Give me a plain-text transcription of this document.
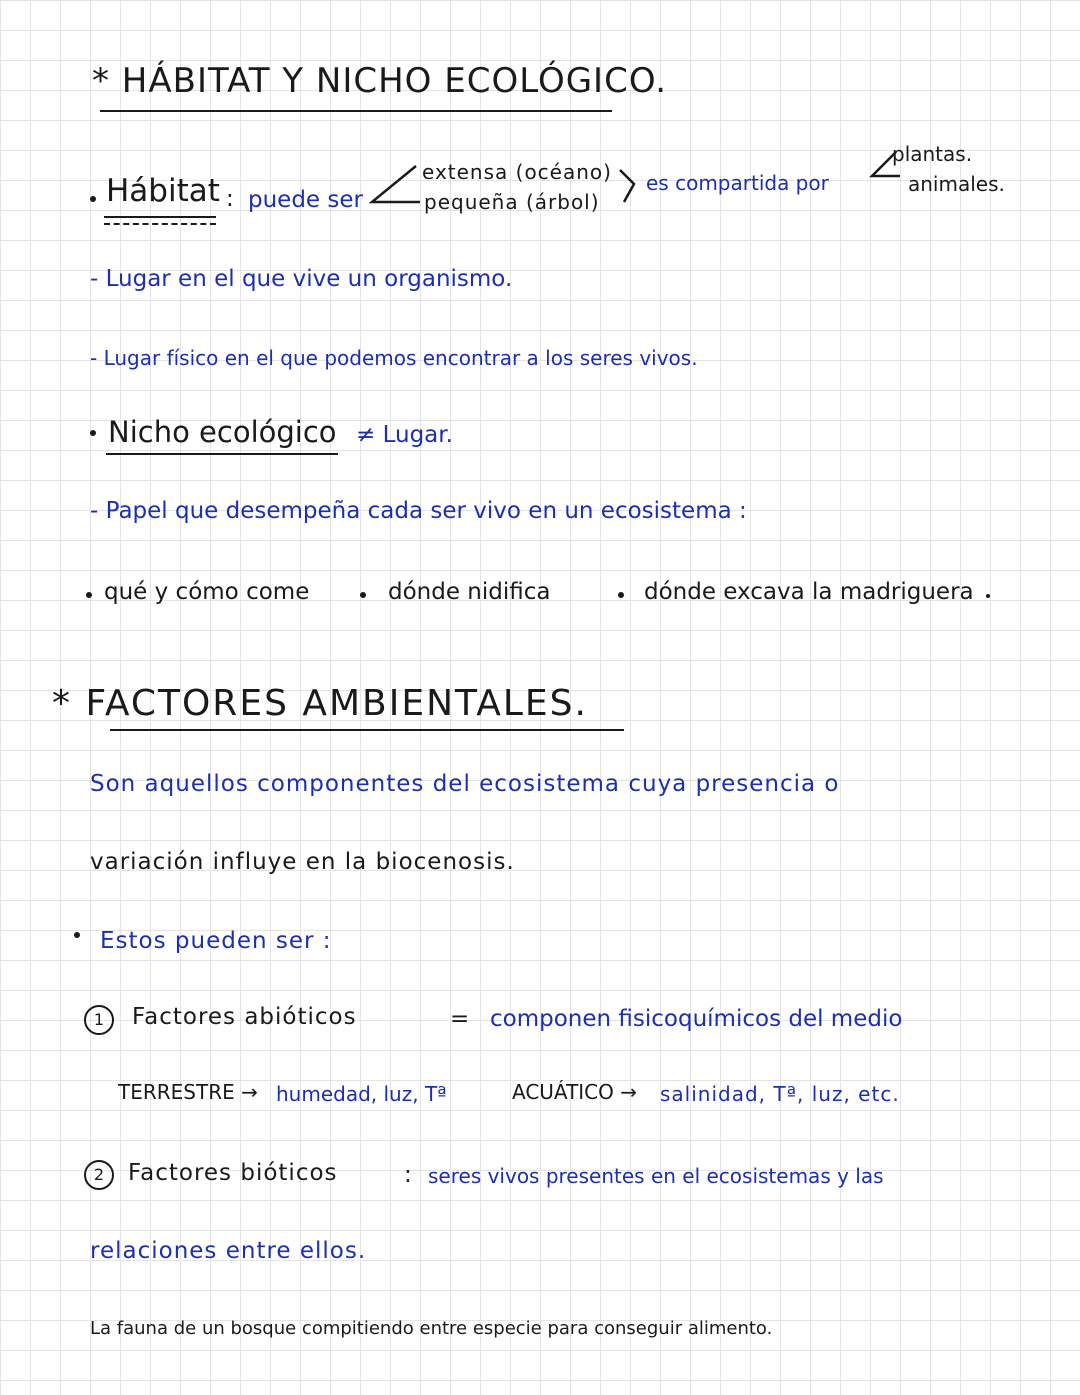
* HÁBITAT Y NICHO ECOLÓGICO.
Hábitat : puede ser
extensa (océano)
pequeña (árbol)
es compartida por
plantas.
animales.
- Lugar en el que vive un organismo.
- Lugar físico en el que podemos encontrar a los seres vivos.
Nicho ecológico ≠ Lugar.
- Papel que desempeña cada ser vivo en un ecosistema :
qué y cómo come	dónde nidifica	dónde excava la madriguera
* FACTORES AMBIENTALES.
Son aquellos componentes del ecosistema cuya presencia o
variación influye en la biocenosis.
Estos pueden ser :
1	Factores abióticos	= componen fisicoquímicos del medio
TERRESTRE → humedad, luz, Tª	ACUÁTICO → salinidad, Tª, luz, etc.
2	Factores bióticos	: seres vivos presentes en el ecosistemas y las
relaciones entre ellos.
La fauna de un bosque compitiendo entre especie para conseguir alimento.
